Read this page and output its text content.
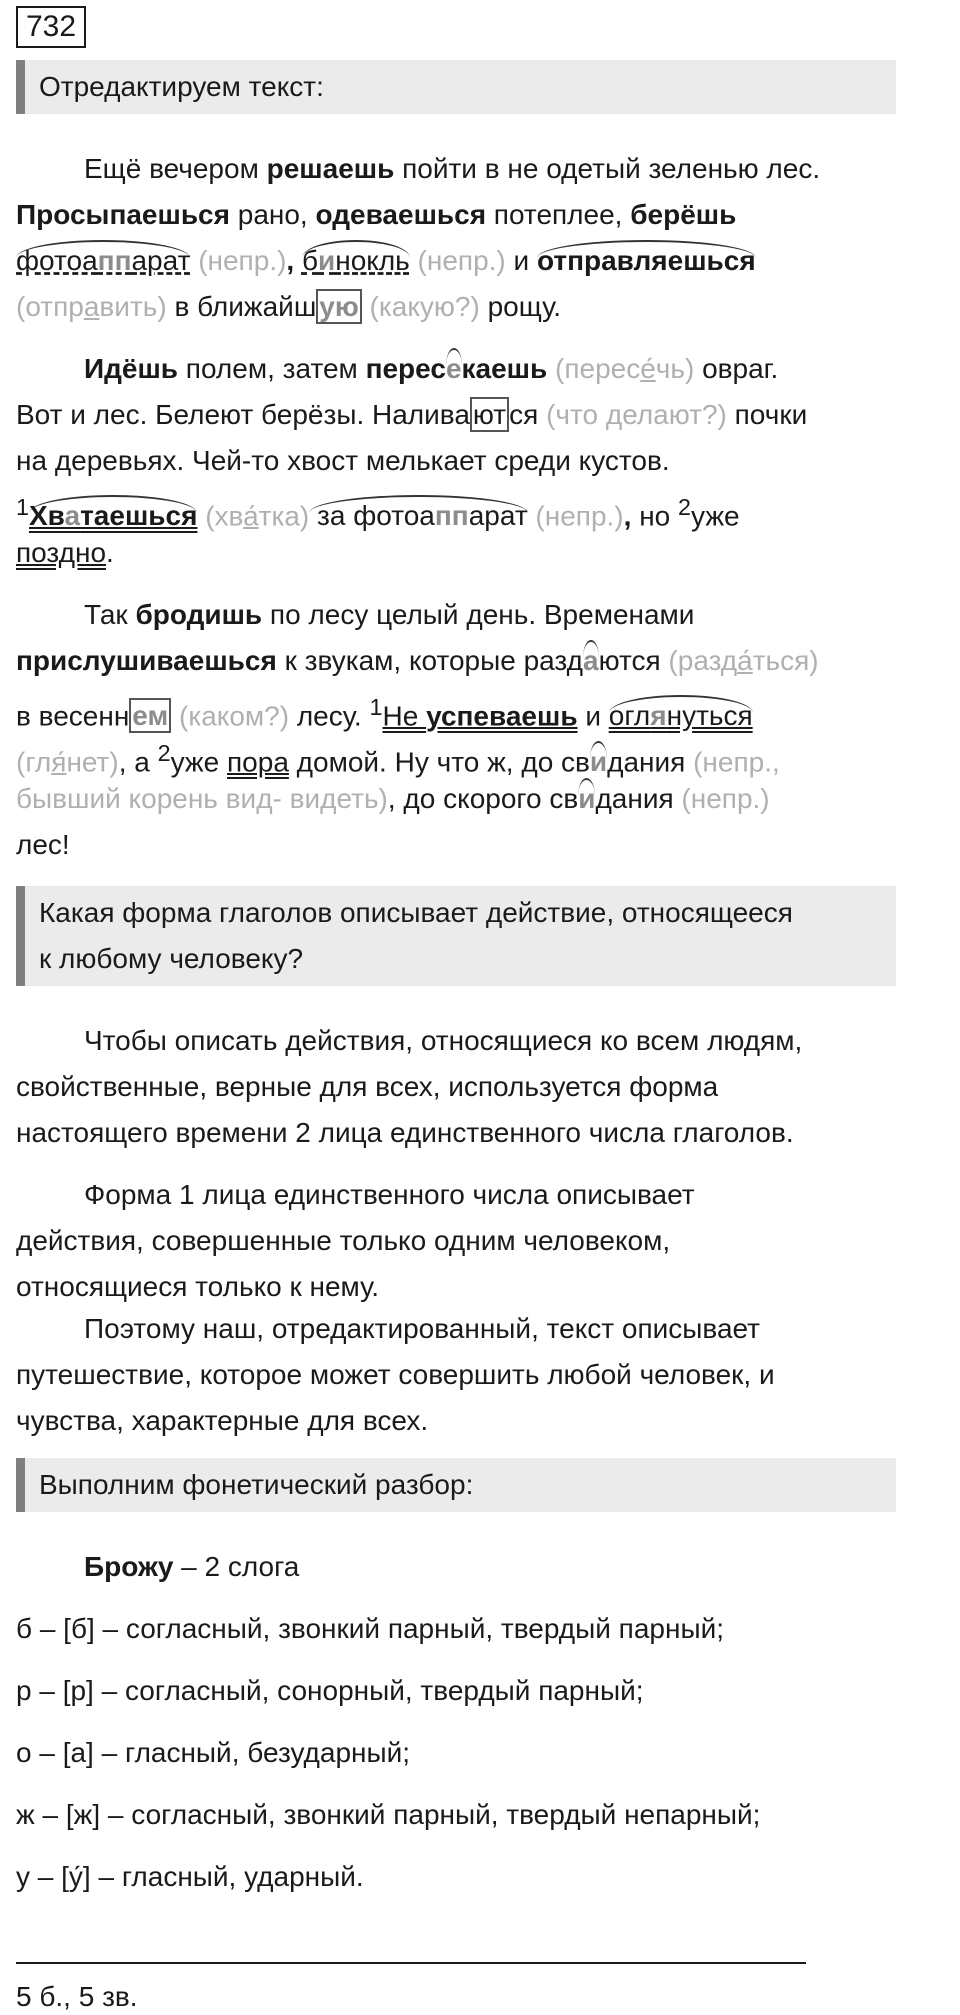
732
Отредактируем текст:
Ещё вечером решаешь пойти в не одетый зеленью лес.
Просыпаешься рано, одеваешься потеплее, берёшь
фотоаппарат (непр.), бинокль (непр.) и отправляешься
(отправить) в ближайш ую (какую?) рощу.
Идёшь полем, затем пересекаешь (пересе́чь) овраг.
Вот и лес. Белеют берёзы. Налива ют ся (что делают?) почки
на деревьях. Чей-то хвост мелькает среди кустов.
$^1$Хватаешься (хва́тка) за фотоаппарат (непр.), но $^2$уже
поздно.
Так бродишь по лесу целый день. Временами
прислушиваешься к звукам, которые раздаются (разда́ться)
в весенн ем (каком?) лесу. $^1$Не успеваешь и оглянуться
(гля́нет), а $^2$уже пора домой. Ну что ж, до свидания (непр.,
бывший корень вид- видеть), до скорого свидания (непр.)
лес!
Какая форма глаголов описывает действие, относящееся
к любому человеку?
Чтобы описать действия, относящиеся ко всем людям,
свойственные, верные для всех, используется форма
настоящего времени 2 лица единственного числа глаголов.
Форма 1 лица единственного числа описывает
действия, совершенные только одним человеком,
относящиеся только к нему.
Поэтому наш, отредактированный, текст описывает
путешествие, которое может совершить любой человек, и
чувства, характерные для всех.
Выполним фонетический разбор:
Брожу – 2 слога
б – [б] – согласный, звонкий парный, твердый парный;
р – [р] – согласный, сонорный, твердый парный;
о – [а] – гласный, безударный;
ж – [ж] – согласный, звонкий парный, твердый непарный;
у – [у́] – гласный, ударный.
5 б., 5 зв.
